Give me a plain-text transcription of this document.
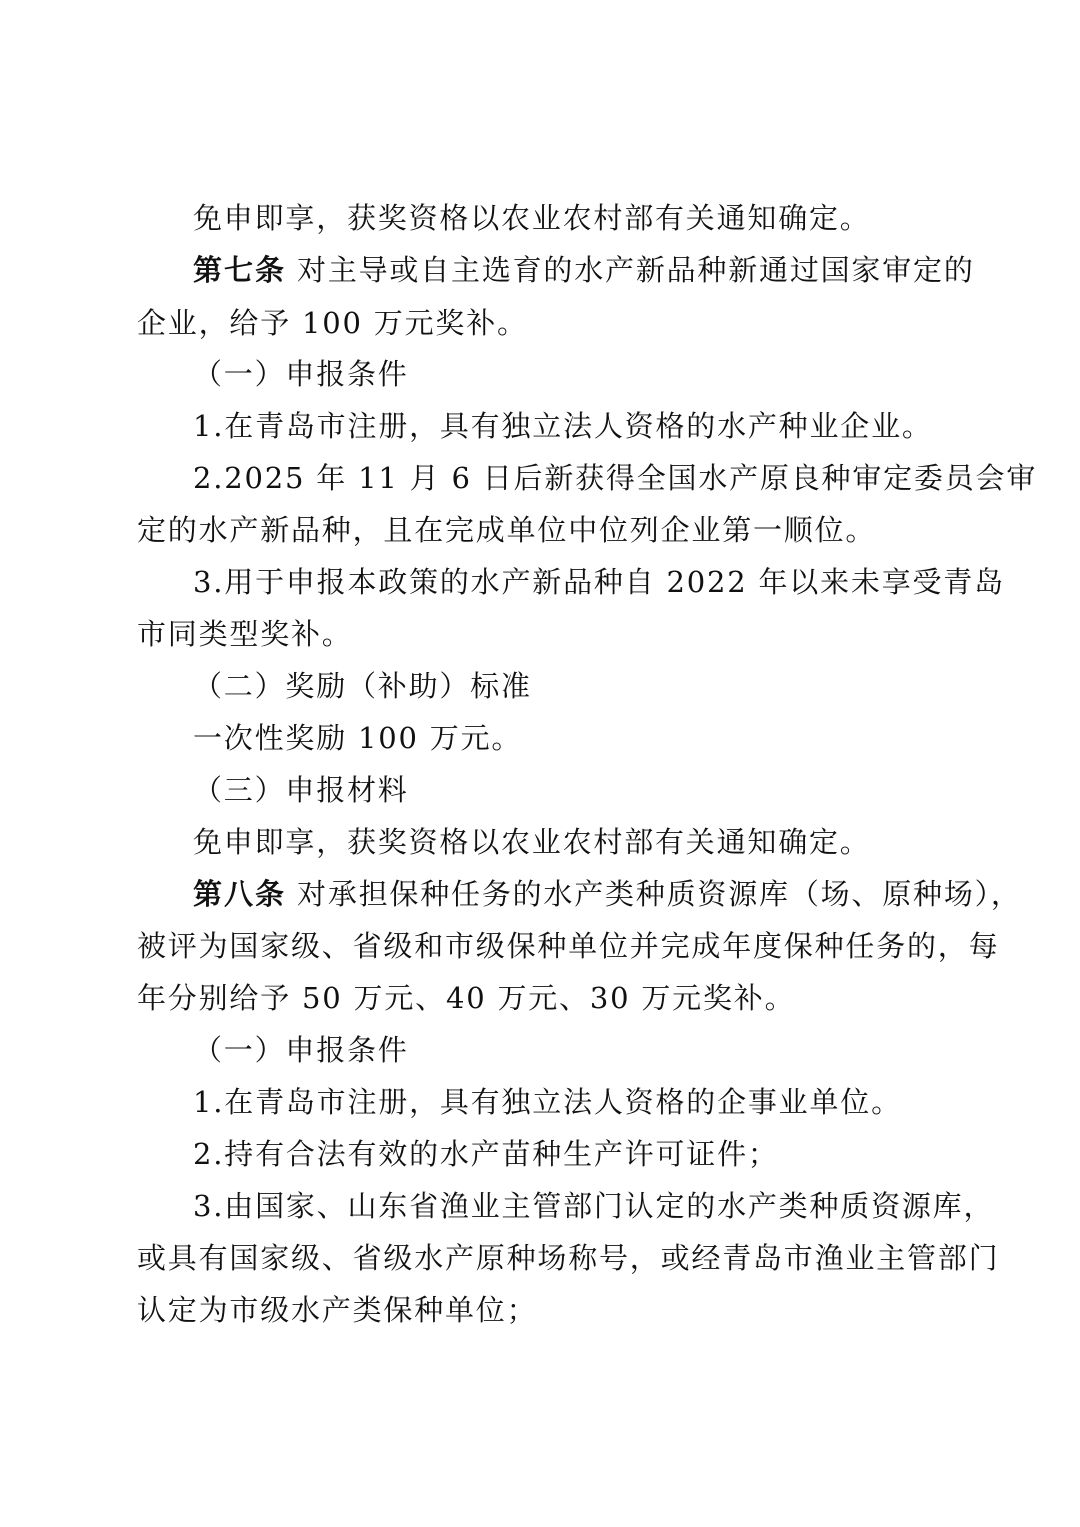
免申即享，获奖资格以农业农村部有关通知确定。
第七条 对主导或自主选育的水产新品种新通过国家审定的
企业，给予 100 万元奖补。
（一）申报条件
1.在青岛市注册，具有独立法人资格的水产种业企业。
2.2025 年 11 月 6 日后新获得全国水产原良种审定委员会审
定的水产新品种，且在完成单位中位列企业第一顺位。
3.用于申报本政策的水产新品种自 2022 年以来未享受青岛
市同类型奖补。
（二）奖励（补助）标准
一次性奖励 100 万元。
（三）申报材料
免申即享，获奖资格以农业农村部有关通知确定。
第八条 对承担保种任务的水产类种质资源库（场、原种场），
被评为国家级、省级和市级保种单位并完成年度保种任务的，每
年分别给予 50 万元、40 万元、30 万元奖补。
（一）申报条件
1.在青岛市注册，具有独立法人资格的企事业单位。
2.持有合法有效的水产苗种生产许可证件；
3.由国家、山东省渔业主管部门认定的水产类种质资源库，
或具有国家级、省级水产原种场称号，或经青岛市渔业主管部门
认定为市级水产类保种单位；
